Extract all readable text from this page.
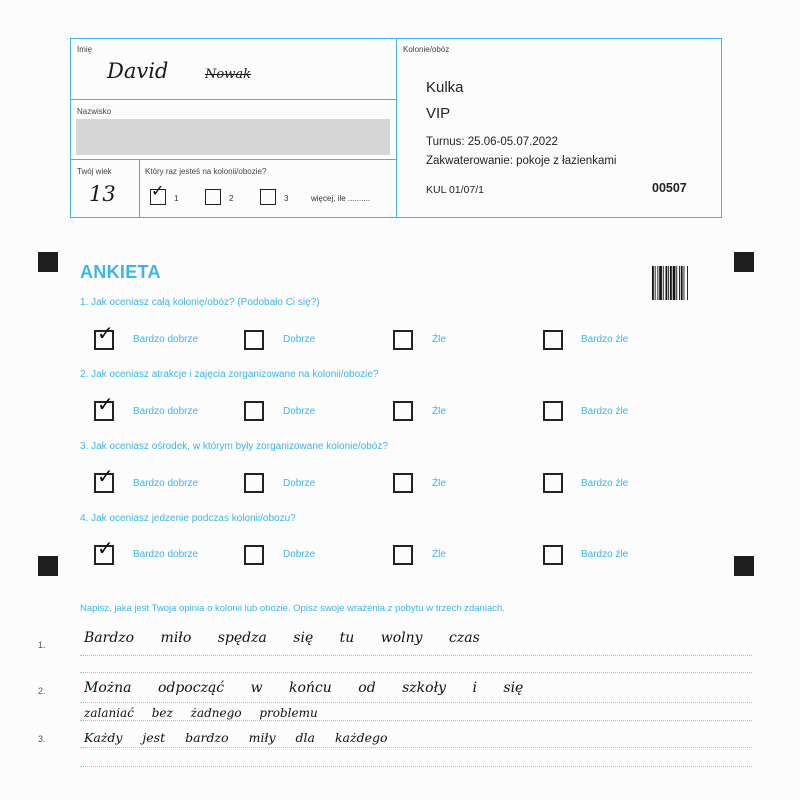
Imię
David	Nowak
Nazwisko
Twój wiek
13
Który raz jesteś na kolonii/obozie?
✓ 1	2	3	więcej, ile ..........
Kolonie/obóz
Kulka
VIP
Turnus: 25.06-05.07.2022
Zakwaterowanie: pokoje z łazienkami
KUL 01/07/1	00507
ANKIETA
1. Jak oceniasz całą kolonię/obóz? (Podobało Ci się?)
✓ Bardzo dobrze	Dobrze	Źle	Bardzo źle
2. Jak oceniasz atrakcje i zajęcia zorganizowane na kolonii/obozie?
✓ Bardzo dobrze	Dobrze	Źle	Bardzo źle
3. Jak oceniasz ośrodek, w którym były zorganizowane kolonie/obóz?
✓ Bardzo dobrze	Dobrze	Źle	Bardzo źle
4. Jak oceniasz jedzenie podczas kolonii/obozu?
✓ Bardzo dobrze	Dobrze	Źle	Bardzo źle
Napisz, jaka jest Twoja opinia o kolonii lub obozie. Opisz swoje wrażenia z pobytu w trzech zdaniach.
1.	Bardzo miło spędza się tu wolny czas
2.	Można odpocząć w końcu od szkoły i się
zalaniać bez żadnego problemu
3.	Każdy jest bardzo miły dla każdego
